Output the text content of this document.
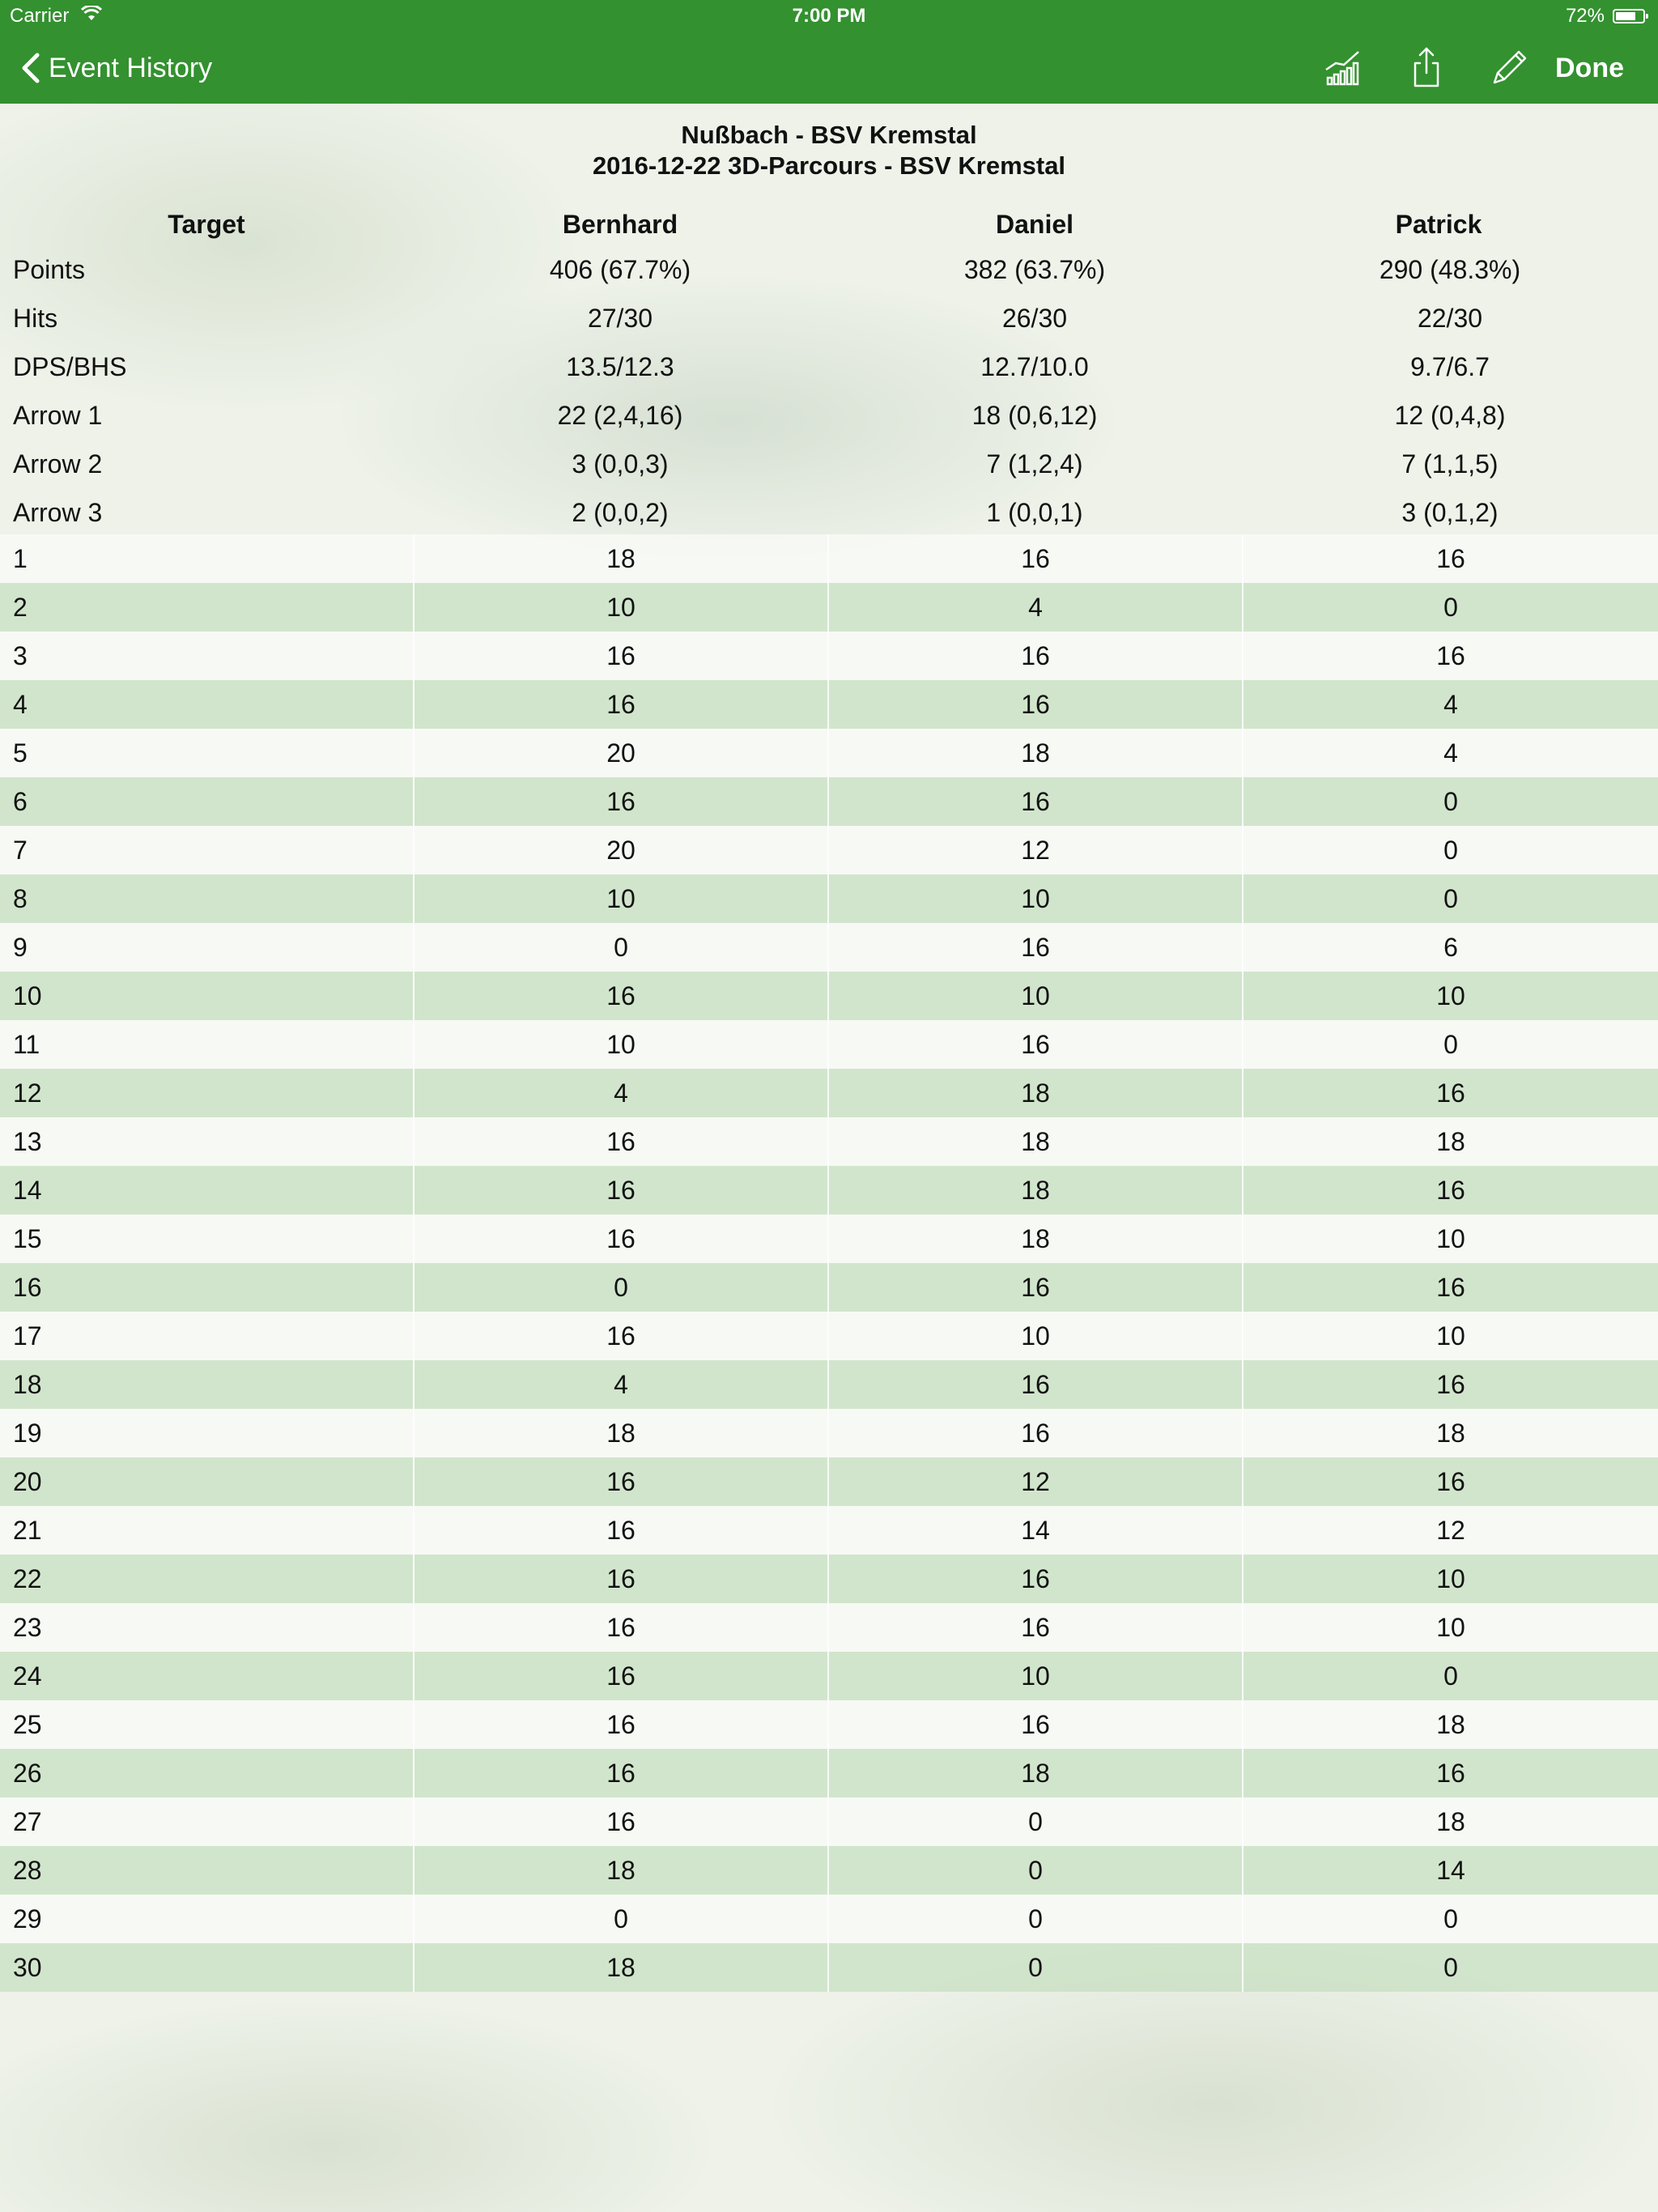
Carrier	7:00 PM	72%
Event History	Done
Nußbach - BSV Kremstal
2016-12-22 3D-Parcours - BSV Kremstal
Target	Bernhard	Daniel	Patrick
Points	406 (67.7%)	382 (63.7%)	290 (48.3%)
Hits	27/30	26/30	22/30
DPS/BHS	13.5/12.3	12.7/10.0	9.7/6.7
Arrow 1	22 (2,4,16)	18 (0,6,12)	12 (0,4,8)
Arrow 2	3 (0,0,3)	7 (1,2,4)	7 (1,1,5)
Arrow 3	2 (0,0,2)	1 (0,0,1)	3 (0,1,2)
1	18	16	16
2	10	4	0
3	16	16	16
4	16	16	4
5	20	18	4
6	16	16	0
7	20	12	0
8	10	10	0
9	0	16	6
10	16	10	10
11	10	16	0
12	4	18	16
13	16	18	18
14	16	18	16
15	16	18	10
16	0	16	16
17	16	10	10
18	4	16	16
19	18	16	18
20	16	12	16
21	16	14	12
22	16	16	10
23	16	16	10
24	16	10	0
25	16	16	18
26	16	18	16
27	16	0	18
28	18	0	14
29	0	0	0
30	18	0	0
